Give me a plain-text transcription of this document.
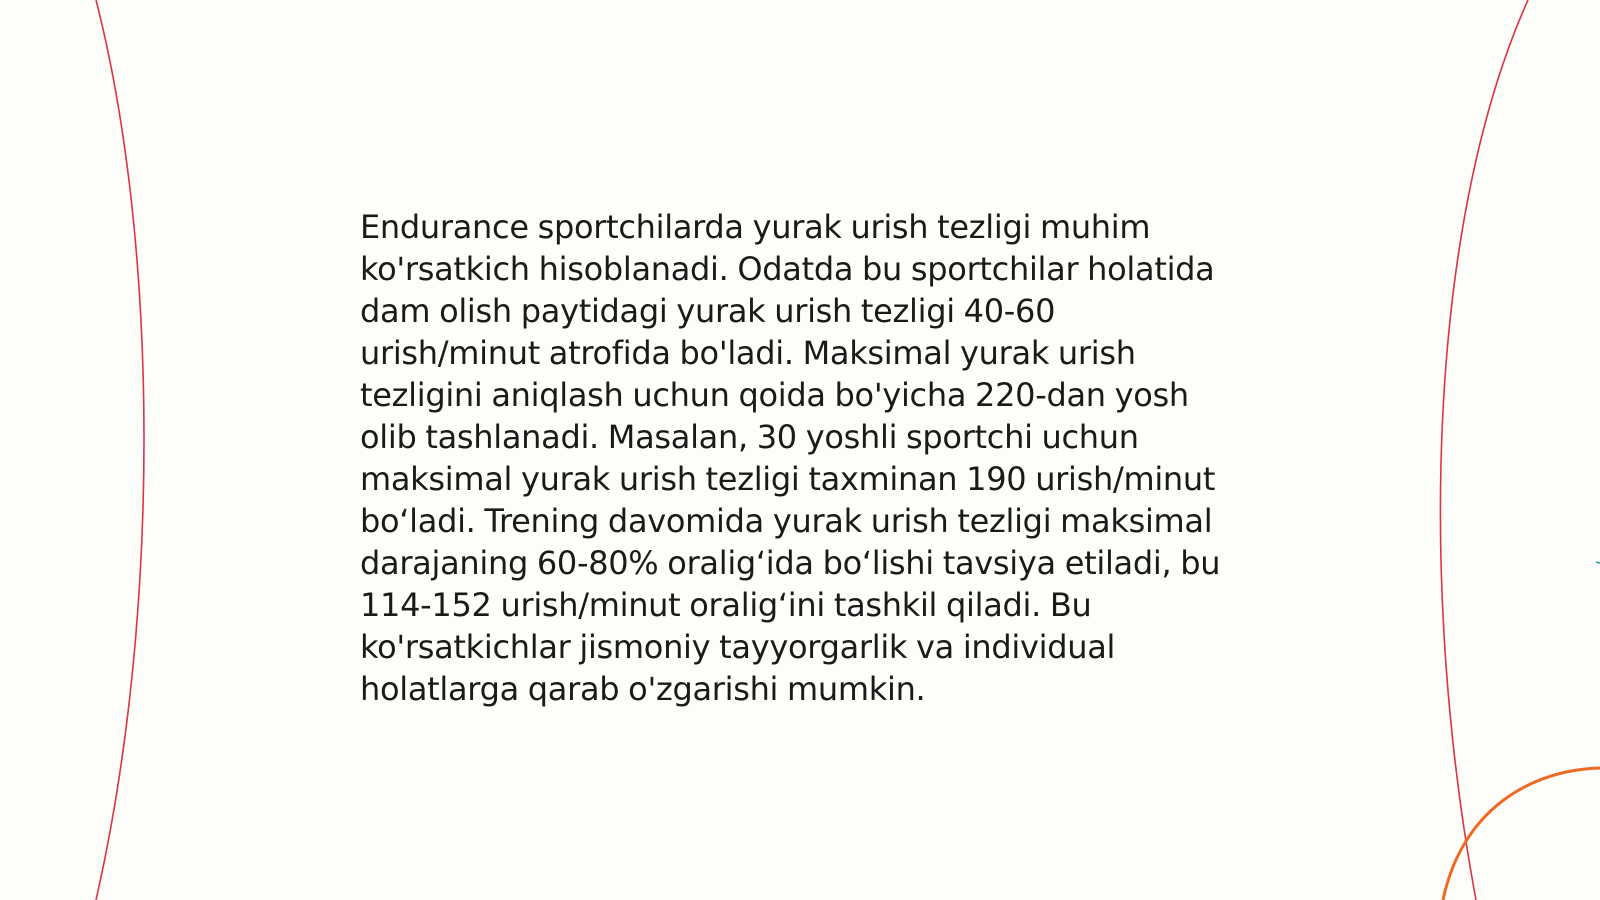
Endurance sportchilarda yurak urish tezligi muhim ko'rsatkich hisoblanadi. Odatda bu sportchilar holatida dam olish paytidagi yurak urish tezligi 40-60 urish/minut atrofida bo'ladi. Maksimal yurak urish tezligini aniqlash uchun qoida bo'yicha 220-dan yosh olib tashlanadi. Masalan, 30 yoshli sportchi uchun maksimal yurak urish tezligi taxminan 190 urish/minut boʻladi. Trening davomida yurak urish tezligi maksimal darajaning 60-80% oraligʻida boʻlishi tavsiya etiladi, bu 114-152 urish/minut oraligʻini tashkil qiladi. Bu ko'rsatkichlar jismoniy tayyorgarlik va individual holatlarga qarab o'zgarishi mumkin.
